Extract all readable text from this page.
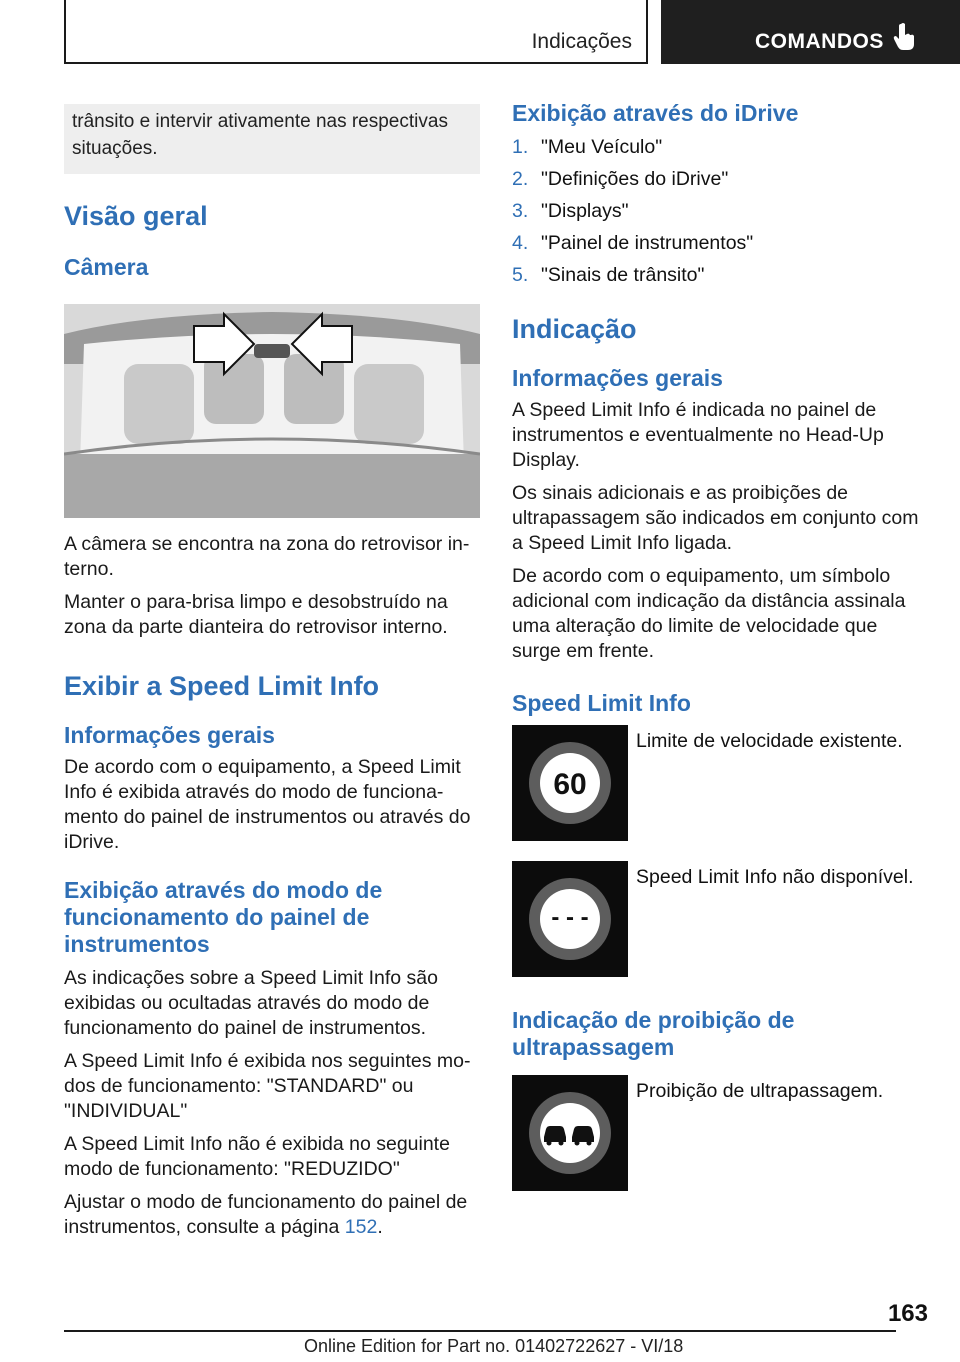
Indicações	COMANDOS
trânsito e intervir ativamente nas respectivas situações.
Visão geral
Câmera

A câmera se encontra na zona do retrovisor interno.

Manter o para-brisa limpo e desobstruído na zona da parte dianteira do retrovisor interno.

Exibir a Speed Limit Info
Informações gerais

De acordo com o equipamento, a Speed Limit Info é exibida através do modo de funcionamento do painel de instrumentos ou através do iDrive.

Exibição através do modo de funcionamento do painel de instrumentos

As indicações sobre a Speed Limit Info são exibidas ou ocultadas através do modo de funcionamento do painel de instrumentos.

A Speed Limit Info é exibida nos seguintes modos de funcionamento: "STANDARD" ou "INDIVIDUAL"

A Speed Limit Info não é exibida no seguinte modo de funcionamento: "REDUZIDO"

Ajustar o modo de funcionamento do painel de instrumentos, consulte a página 152.

Exibição através do iDrive
1. "Meu Veículo"
2. "Definições do iDrive"
3. "Displays"
4. "Painel de instrumentos"
5. "Sinais de trânsito"
Indicação
Informações gerais

A Speed Limit Info é indicada no painel de instrumentos e eventualmente no Head-Up Display.

Os sinais adicionais e as proibições de ultrapassagem são indicados em conjunto com a Speed Limit Info ligada.

De acordo com o equipamento, um símbolo adicional com indicação da distância assinala uma alteração do limite de velocidade que surge em frente.

Speed Limit Info
60
Limite de velocidade existente.
- - -
Speed Limit Info não disponível.
Indicação de proibição de ultrapassagem
Proibição de ultrapassagem.
163
Online Edition for Part no. 01402722627 - VI/18
